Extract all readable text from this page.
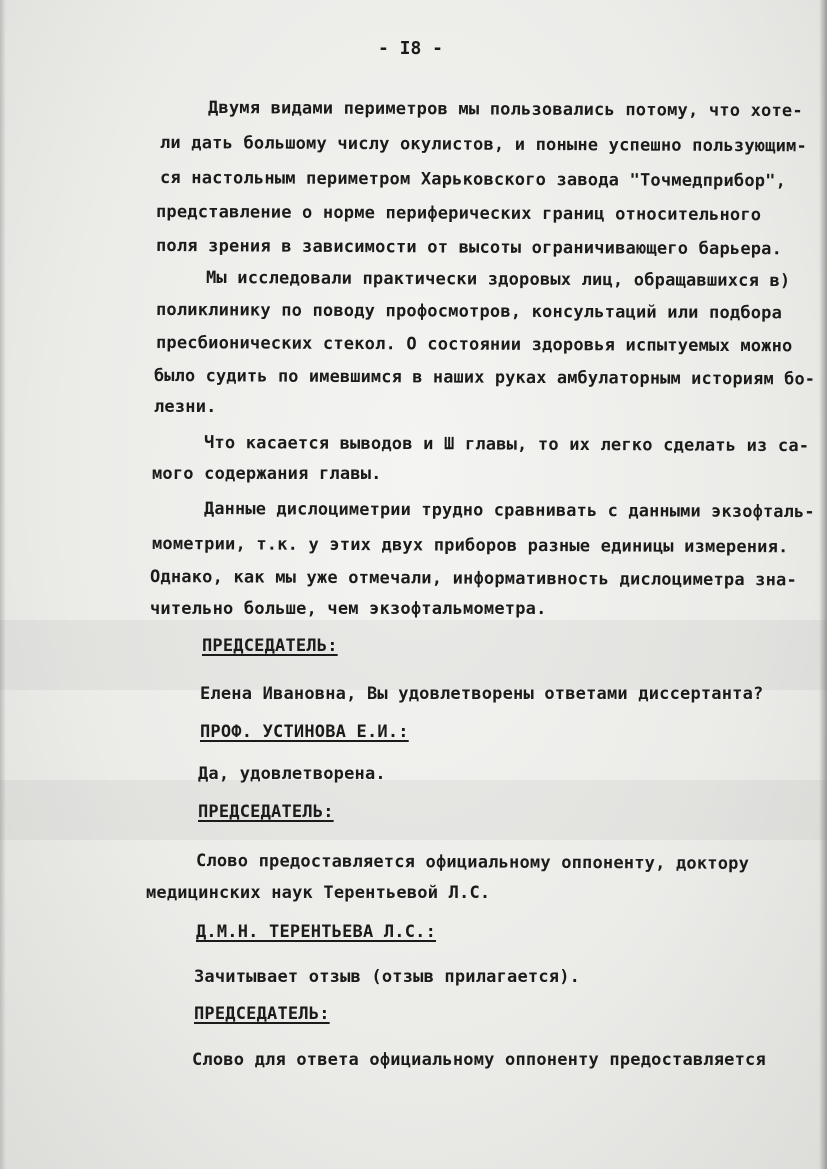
- I8 -
Двумя видами периметров мы пользовались потому, что хоте-
ли дать большому числу окулистов, и поныне успешно пользующим-
ся настольным периметром Харьковского завода "Точмедприбор",
представление о норме периферических границ относительного
поля зрения в зависимости от высоты ограничивающего барьера.
Мы исследовали практически здоровых лиц, обращавшихся в)
поликлинику по поводу профосмотров, консультаций или подбора
пресбионических стекол. О состоянии здоровья испытуемых можно
было судить по имевшимся в наших руках амбулаторным историям бо-
лезни.
Что касается выводов и Ш главы, то их легко сделать из са-
мого содержания главы.
Данные дислоциметрии трудно сравнивать с данными экзофталь-
мометрии, т.к. у этих двух приборов разные единицы измерения.
Однако, как мы уже отмечали, информативность дислоциметра зна-
чительно больше, чем экзофтальмометра.
ПРЕДСЕДАТЕЛЬ:
Елена Ивановна, Вы удовлетворены ответами диссертанта?
ПРОФ. УСТИНОВА Е.И.:
Да, удовлетворена.
ПРЕДСЕДАТЕЛЬ:
Слово предоставляется официальному оппоненту, доктору
медицинских наук Терентьевой Л.С.
Д.М.Н. ТЕРЕНТЬЕВА Л.С.:
Зачитывает отзыв (отзыв прилагается).
ПРЕДСЕДАТЕЛЬ:
Слово для ответа официальному оппоненту предоставляется
